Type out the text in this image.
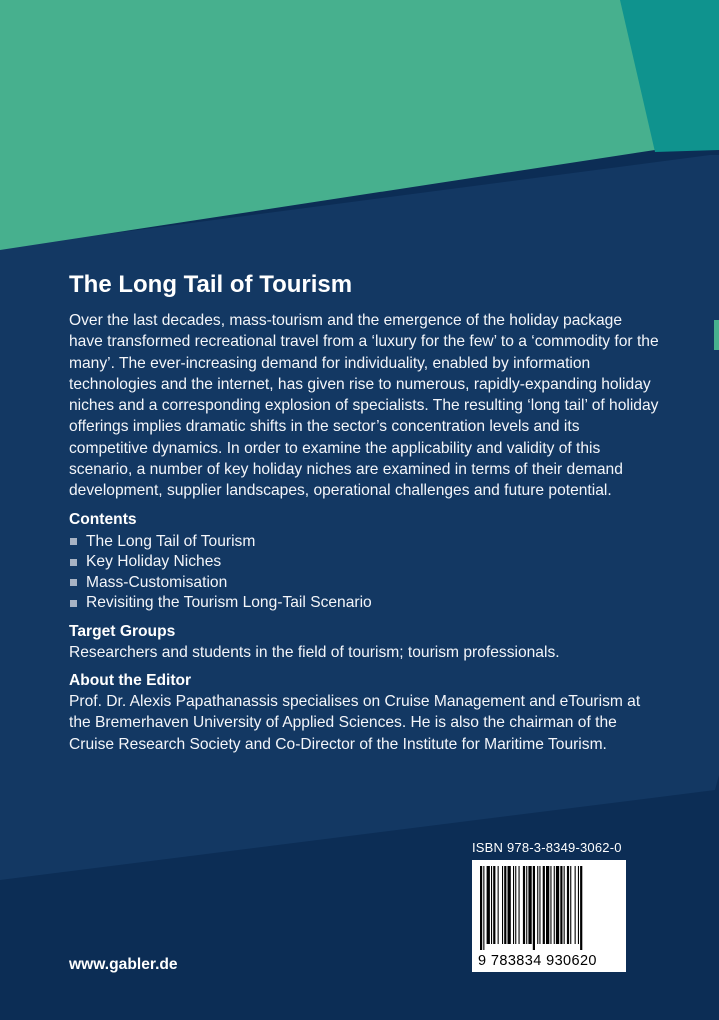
The Long Tail of Tourism

Over the last decades, mass-tourism and the emergence of the holiday package have transformed recreational travel from a ‘luxury for the few’ to a ‘commodity for the many’. The ever-increasing demand for individuality, enabled by information technologies and the internet, has given rise to numerous, rapidly-expanding holiday niches and a corresponding explosion of specialists. The resulting ‘long tail’ of holiday offerings implies dramatic shifts in the sector’s concentration levels and its competitive dynamics. In order to examine the applicability and validity of this scenario, a number of key holiday niches are examined in terms of their demand development, supplier landscapes, operational challenges and future potential.

Contents
The Long Tail of Tourism
Key Holiday Niches
Mass-Customisation
Revisiting the Tourism Long-Tail Scenario
Target Groups

Researchers and students in the field of tourism; tourism professionals.

About the Editor

Prof. Dr. Alexis Papathanassis specialises on Cruise Management and eTourism at the Bremerhaven University of Applied Sciences. He is also the chairman of the Cruise Research Society and Co-Director of the Institute for Maritime Tourism.

ISBN 978-3-8349-3062-0
9 783834 930620
www.gabler.de
